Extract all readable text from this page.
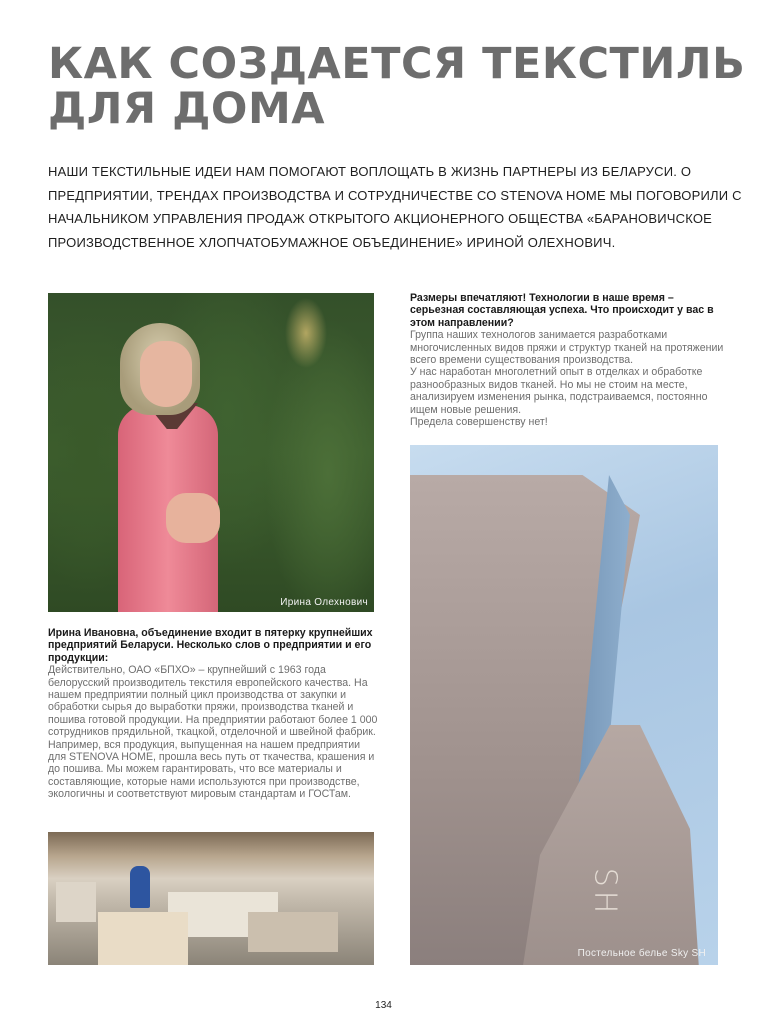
КАК СОЗДАЕТСЯ ТЕКСТИЛЬ ДЛЯ ДОМА
НАШИ ТЕКСТИЛЬНЫЕ ИДЕИ НАМ ПОМОГАЮТ ВОПЛОЩАТЬ В ЖИЗНЬ ПАРТНЕРЫ ИЗ БЕЛАРУСИ. О ПРЕДПРИЯТИИ, ТРЕНДАХ ПРОИЗВОДСТВА И СОТРУДНИЧЕСТВЕ СО STENOVA HOME МЫ ПОГОВОРИЛИ С НАЧАЛЬНИКОМ УПРАВЛЕНИЯ ПРОДАЖ ОТКРЫТОГО АКЦИОНЕРНОГО ОБЩЕСТВА «БАРАНОВИЧСКОЕ ПРОИЗВОДСТВЕННОЕ ХЛОПЧАТОБУМАЖНОЕ ОБЪЕДИНЕНИЕ» ИРИНОЙ ОЛЕХНОВИЧ.
Ирина Олехнович

Размеры впечатляют! Технологии в наше время – серьезная составляющая успеха. Что происходит у вас в этом направлении?

Группа наших технологов занимается разработками многочисленных видов пряжи и структур тканей на протяжении всего времени существования производства.

У нас наработан многолетний опыт в отделках и обработке разнообразных видов тканей. Но мы не стоим на месте, анализируем изменения рынка, подстраиваемся, постоянно ищем новые решения.

Предела совершенству нет!

SH
Постельное белье Sky SH

Ирина Ивановна, объединение входит в пятерку крупнейших предприятий Беларуси. Несколько слов о предприятии и его продукции:

Действительно, ОАО «БПХО» – крупнейший с 1963 года белорусский производитель текстиля европейского качества. На нашем предприятии полный цикл производства от закупки и обработки сырья до выработки пряжи, производства тканей и пошива готовой продукции. На предприятии работают более 1 000 сотрудников прядильной, ткацкой, отделочной и швейной фабрик.

Например, вся продукция, выпущенная на нашем предприятии для STENOVA HOME, прошла весь путь от ткачества, крашения и до пошива. Мы можем гарантировать, что все материалы и составляющие, которые нами используются при производстве, экологичны и соответствуют мировым стандартам и ГОСТам.

134
